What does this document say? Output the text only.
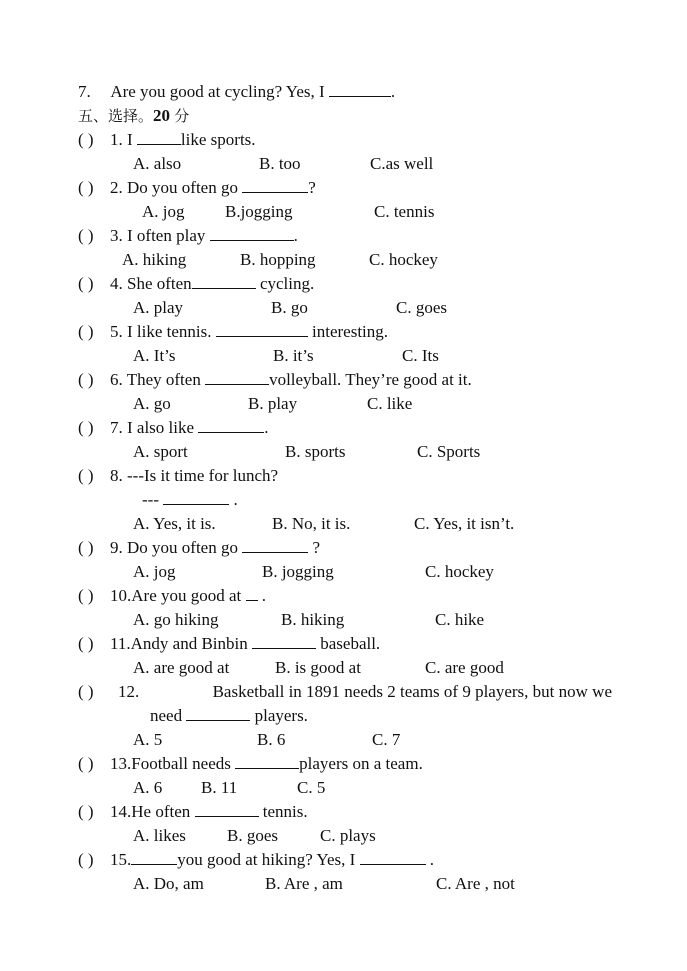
7. Are you good at cycling? Yes, I	.
五、选择。20 分
( ) 1. I	like sports.
A. also	B. too	C.as well
( ) 2. Do you often go	?
A. jog B.jogging	C. tennis
( ) 3. I often play	.
A. hiking	B. hopping	C. hockey
( ) 4. She often	cycling.
A. play	B. go	C. goes
( ) 5. I like tennis.	interesting.
A. It’s	B. it’s	C. Its
( ) 6. They often	volleyball. They’re good at it.
A. go	B. play	C. like
( ) 7. I also like	.
A. sport	B. sports	C. Sports
( ) 8. ---Is it time for lunch?
---	.
A. Yes, it is.	B. No, it is.	C. Yes, it isn’t.
( ) 9. Do you often go	?
A. jog	B. jogging	C. hockey
( ) 10.Are you good at  .
A. go hiking	B. hiking	C. hike
( ) 11.Andy and Binbin	baseball.
A. are good at	B. is good at	C. are good
( ) 12.	Basketball in 1891 needs 2 teams of 9 players, but now we
need	players.
A. 5	B. 6	C. 7
( ) 13.Football needs	players on a team.
A. 6 B. 11	C. 5
( ) 14.He often	tennis.
A. likes B. goes C. plays
( ) 15.	you good at hiking? Yes, I	.
A. Do, am	B. Are , am	C. Are , not
